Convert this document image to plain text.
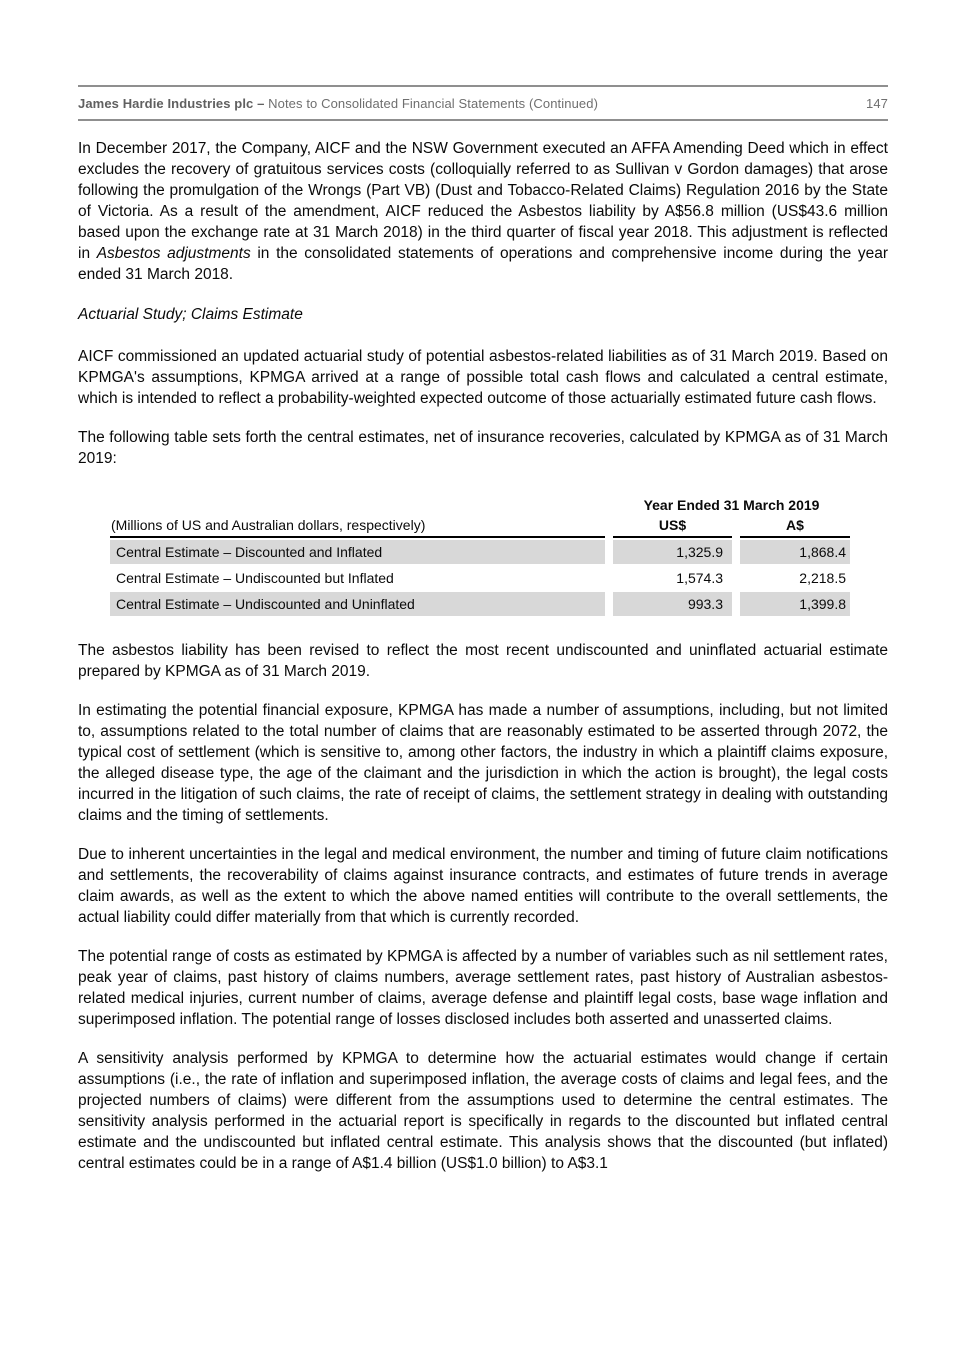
James Hardie Industries plc – Notes to Consolidated Financial Statements (Continued)	147

In December 2017, the Company, AICF and the NSW Government executed an AFFA Amending Deed which in effect excludes the recovery of gratuitous services costs (colloquially referred to as Sullivan v Gordon damages) that arose following the promulgation of the Wrongs (Part VB) (Dust and Tobacco-Related Claims) Regulation 2016 by the State of Victoria. As a result of the amendment, AICF reduced the Asbestos liability by A$56.8 million (US$43.6 million based upon the exchange rate at 31 March 2018) in the third quarter of fiscal year 2018. This adjustment is reflected in Asbestos adjustments in the consolidated statements of operations and comprehensive income during the year ended 31 March 2018.

Actuarial Study; Claims Estimate

AICF commissioned an updated actuarial study of potential asbestos-related liabilities as of 31 March 2019. Based on KPMGA's assumptions, KPMGA arrived at a range of possible total cash flows and calculated a central estimate, which is intended to reflect a probability-weighted expected outcome of those actuarially estimated future cash flows.

The following table sets forth the central estimates, net of insurance recoveries, calculated by KPMGA as of 31 March 2019:

Year Ended 31 March 2019
(Millions of US and Australian dollars, respectively)	US$	A$
Central Estimate – Discounted and Inflated	1,325.9	1,868.4
Central Estimate – Undiscounted but Inflated	1,574.3	2,218.5
Central Estimate – Undiscounted and Uninflated	993.3	1,399.8

The asbestos liability has been revised to reflect the most recent undiscounted and uninflated actuarial estimate prepared by KPMGA as of 31 March 2019.

In estimating the potential financial exposure, KPMGA has made a number of assumptions, including, but not limited to, assumptions related to the total number of claims that are reasonably estimated to be asserted through 2072, the typical cost of settlement (which is sensitive to, among other factors, the industry in which a plaintiff claims exposure, the alleged disease type, the age of the claimant and the jurisdiction in which the action is brought), the legal costs incurred in the litigation of such claims, the rate of receipt of claims, the settlement strategy in dealing with outstanding claims and the timing of settlements.

Due to inherent uncertainties in the legal and medical environment, the number and timing of future claim notifications and settlements, the recoverability of claims against insurance contracts, and estimates of future trends in average claim awards, as well as the extent to which the above named entities will contribute to the overall settlements, the actual liability could differ materially from that which is currently recorded.

The potential range of costs as estimated by KPMGA is affected by a number of variables such as nil settlement rates, peak year of claims, past history of claims numbers, average settlement rates, past history of Australian asbestos-related medical injuries, current number of claims, average defense and plaintiff legal costs, base wage inflation and superimposed inflation. The potential range of losses disclosed includes both asserted and unasserted claims.

A sensitivity analysis performed by KPMGA to determine how the actuarial estimates would change if certain assumptions (i.e., the rate of inflation and superimposed inflation, the average costs of claims and legal fees, and the projected numbers of claims) were different from the assumptions used to determine the central estimates. The sensitivity analysis performed in the actuarial report is specifically in regards to the discounted but inflated central estimate and the undiscounted but inflated central estimate. This analysis shows that the discounted (but inflated) central estimates could be in a range of A$1.4 billion (US$1.0 billion) to A$3.1
